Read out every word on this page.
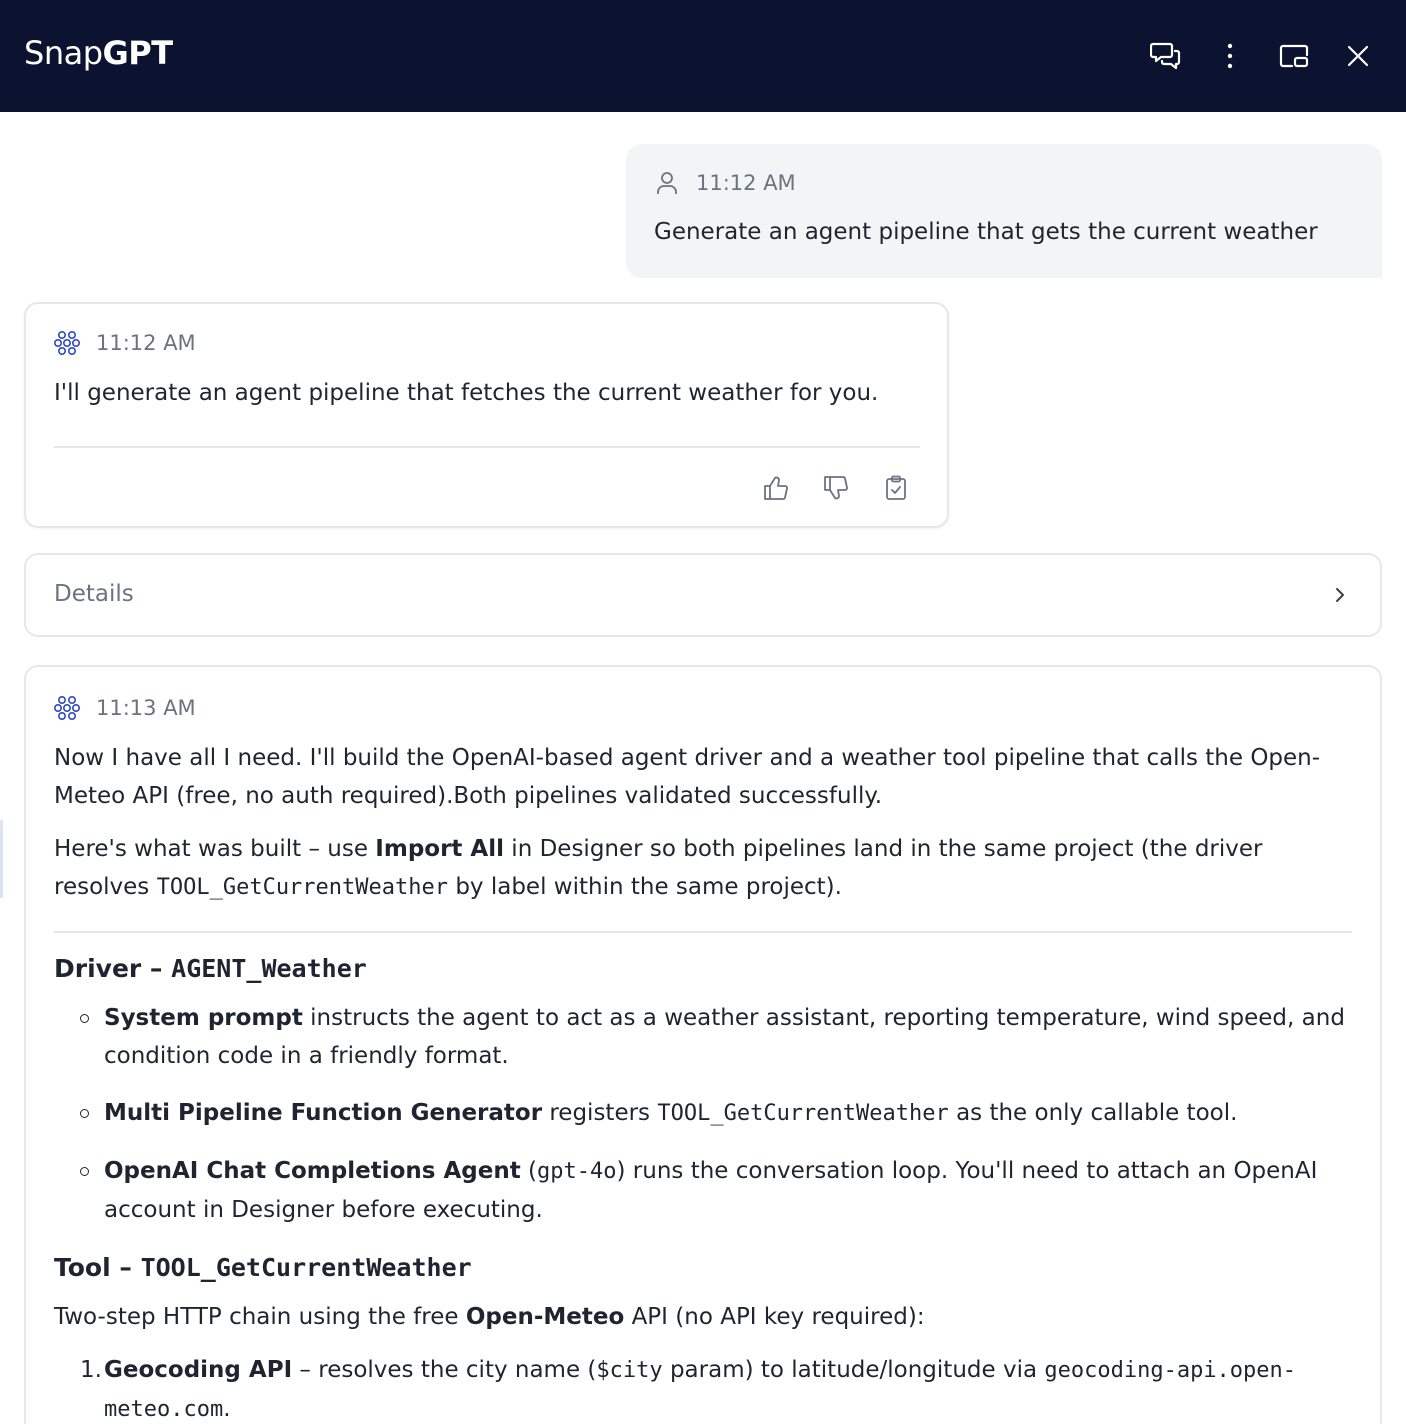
SnapGPT
11:12 AM
Generate an agent pipeline that gets the current weather
11:12 AM
I'll generate an agent pipeline that fetches the current weather for you.
Details
11:13 AM

Now I have all I need. I'll build the OpenAI-based agent driver and a weather tool pipeline that calls the Open-Meteo API (free, no auth required).Both pipelines validated successfully.

Here's what was built – use Import All in Designer so both pipelines land in the same project (the driver resolves TOOL_GetCurrentWeather by label within the same project).

Driver – AGENT_Weather
System prompt instructs the agent to act as a weather assistant, reporting temperature, wind speed, and condition code in a friendly format.
Multi Pipeline Function Generator registers TOOL_GetCurrentWeather as the only callable tool.
OpenAI Chat Completions Agent (gpt-4o) runs the conversation loop. You'll need to attach an OpenAI account in Designer before executing.
Tool – TOOL_GetCurrentWeather

Two-step HTTP chain using the free Open-Meteo API (no API key required):

1. Geocoding API – resolves the city name ($city param) to latitude/longitude via geocoding-api.open-meteo.com.
